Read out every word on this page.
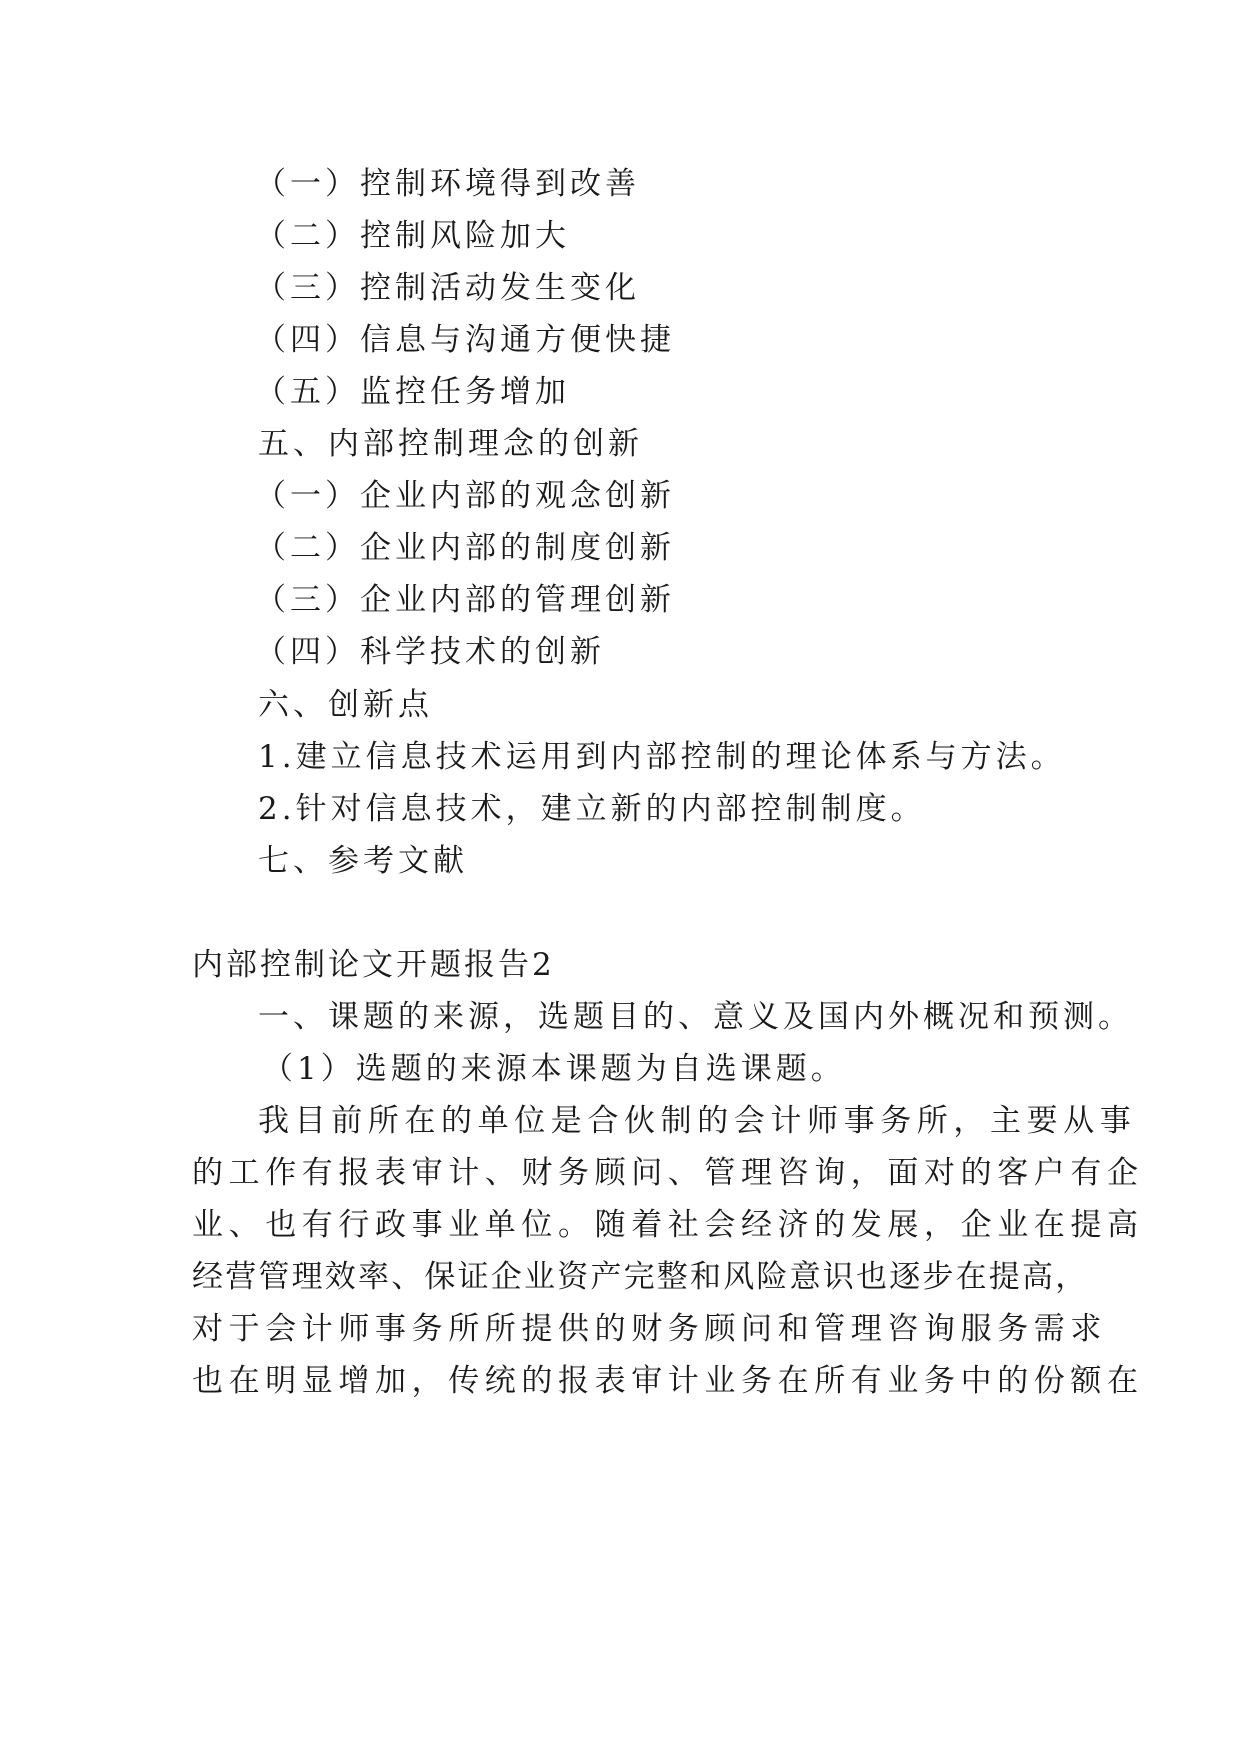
（一）控制环境得到改善
（二）控制风险加大
（三）控制活动发生变化
（四）信息与沟通方便快捷
（五）监控任务增加
五、内部控制理念的创新
（一）企业内部的观念创新
（二）企业内部的制度创新
（三）企业内部的管理创新
（四）科学技术的创新
六、创新点
1.建立信息技术运用到内部控制的理论体系与方法。
2.针对信息技术，建立新的内部控制制度。
七、参考文献
内部控制论文开题报告2
一、课题的来源，选题目的、意义及国内外概况和预测。
（1）选题的来源本课题为自选课题。
我目前所在的单位是合伙制的会计师事务所，主要从事
的工作有报表审计、财务顾问、管理咨询，面对的客户有企
业、也有行政事业单位。随着社会经济的发展，企业在提高
经营管理效率、保证企业资产完整和风险意识也逐步在提高，
对于会计师事务所所提供的财务顾问和管理咨询服务需求
也在明显增加，传统的报表审计业务在所有业务中的份额在
